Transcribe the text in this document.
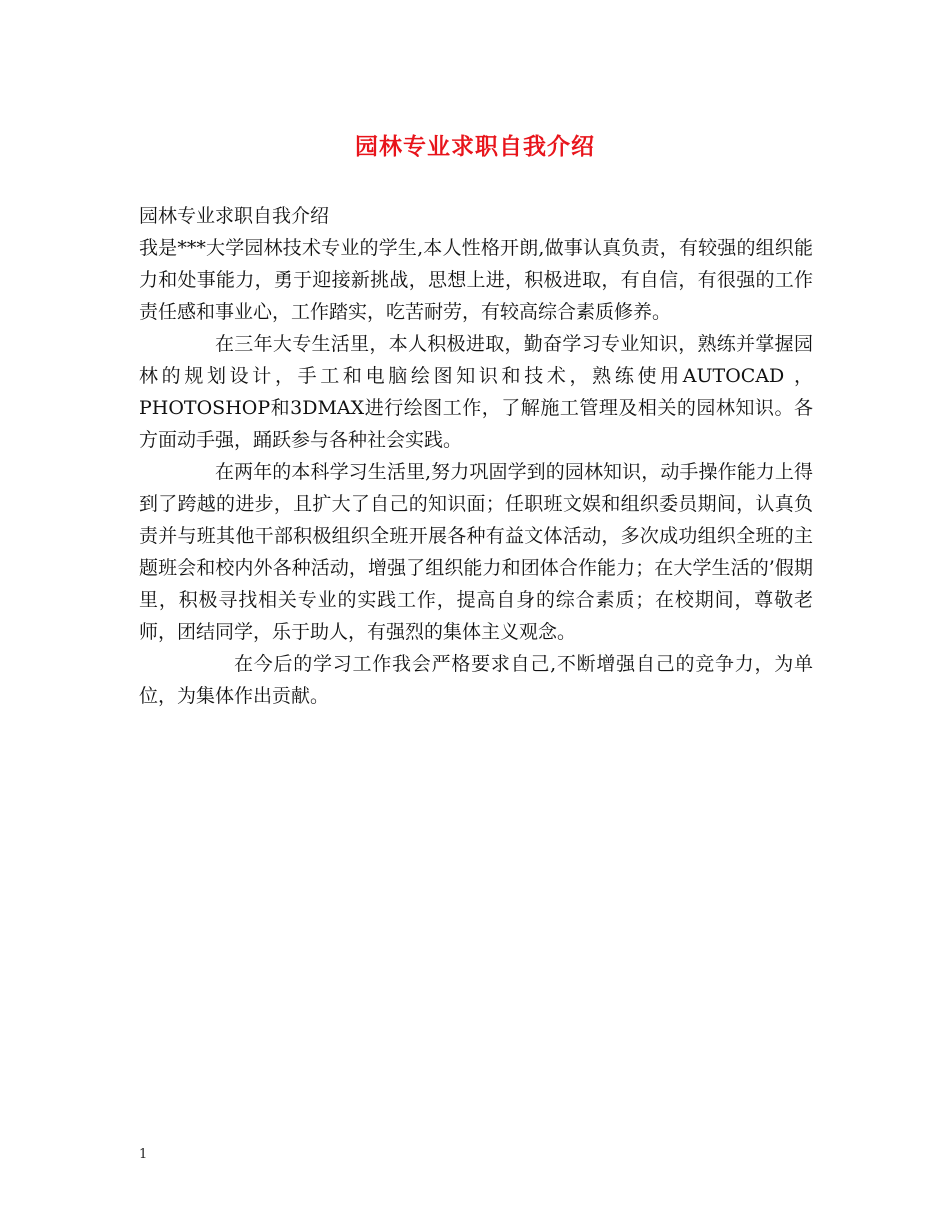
园林专业求职自我介绍

园林专业求职自我介绍

我是***大学园林技术专业的学生,本人性格开朗,做事认真负责，有较强的组织能力和处事能力，勇于迎接新挑战，思想上进，积极进取，有自信，有很强的工作责任感和事业心，工作踏实，吃苦耐劳，有较高综合素质修养。

在三年大专生活里，本人积极进取，勤奋学习专业知识，熟练并掌握园林的规划设计，手工和电脑绘图知识和技术，熟练使用AUTOCAD ，PHOTOSHOP和3DMAX进行绘图工作，了解施工管理及相关的园林知识。各方面动手强，踊跃参与各种社会实践。

在两年的本科学习生活里,努力巩固学到的园林知识，动手操作能力上得到了跨越的进步，且扩大了自己的知识面；任职班文娱和组织委员期间，认真负责并与班其他干部积极组织全班开展各种有益文体活动，多次成功组织全班的主题班会和校内外各种活动，增强了组织能力和团体合作能力；在大学生活的’假期里，积极寻找相关专业的实践工作，提高自身的综合素质；在校期间，尊敬老师，团结同学，乐于助人，有强烈的集体主义观念。

在今后的学习工作我会严格要求自己,不断增强自己的竞争力，为单位，为集体作出贡献。

1
